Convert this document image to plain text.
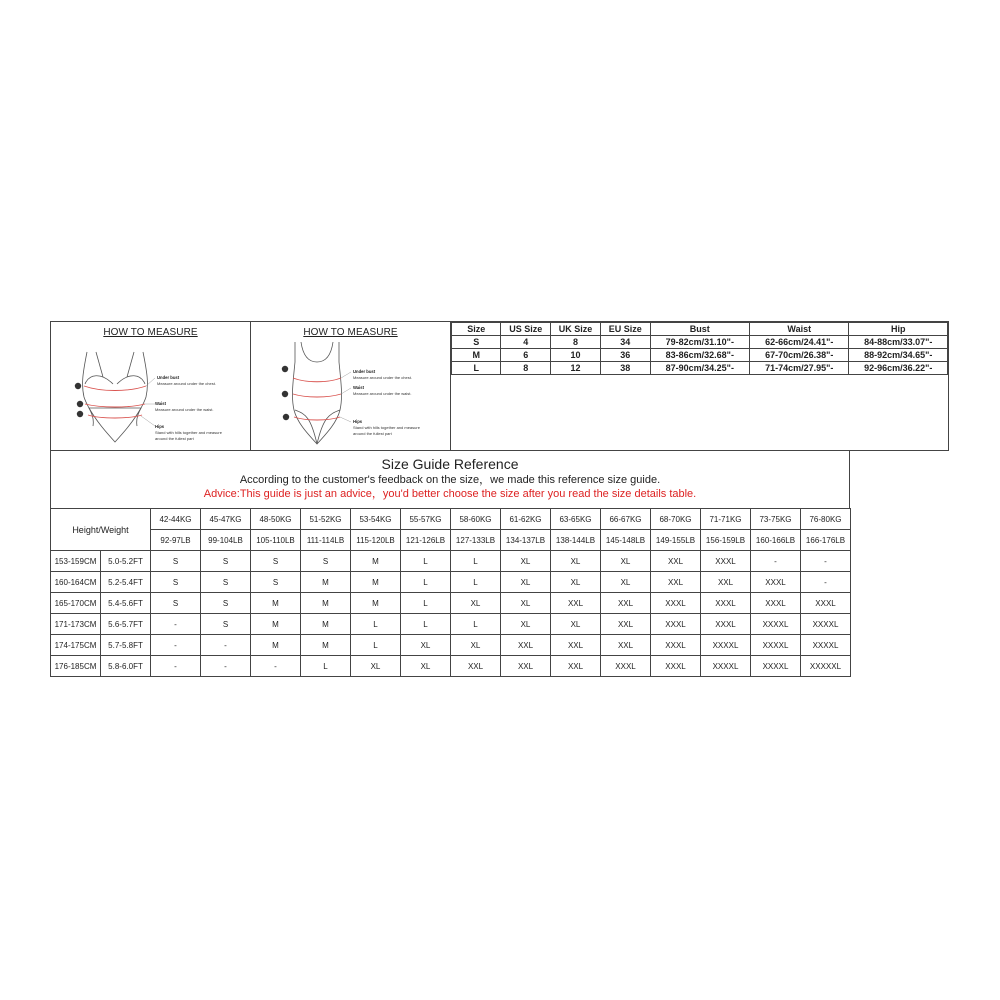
HOW TO MEASURE
Under bust
Measure around under the chest.
Waist
Measure around under the waist.
Hips
Stand with hills together and measure
around the fullest part
HOW TO MEASURE
Under bust
Measure around under the chest.
Waist
Measure around under the waist.
Hips
Stand with hills together and measure
around the fullest part
Size	US Size	UK Size	EU Size	Bust	Waist	Hip
S	4	8	34	79-82cm/31.10"-	62-66cm/24.41"-	84-88cm/33.07"-
M	6	10	36	83-86cm/32.68"-	67-70cm/26.38"-	88-92cm/34.65"-
L	8	12	38	87-90cm/34.25"-	71-74cm/27.95"-	92-96cm/36.22"-
Size Guide Reference
According to the customer's feedback on the size，we made this reference size guide.
Advice:This guide is just an advice，you'd better choose the size after you read the size details table.
Height/Weight		42-44KG	45-47KG	48-50KG	51-52KG	53-54KG	55-57KG	58-60KG	61-62KG	63-65KG	66-67KG	68-70KG	71-71KG	73-75KG	76-80KG
		92-97LB	99-104LB	105-110LB	111-114LB	115-120LB	121-126LB	127-133LB	134-137LB	138-144LB	145-148LB	149-155LB	156-159LB	160-166LB	166-176LB
153-159CM	5.0-5.2FT	S	S	S	S	M	L	L	XL	XL	XL	XXL	XXXL	-	-
160-164CM	5.2-5.4FT	S	S	S	M	M	L	L	XL	XL	XL	XXL	XXL	XXXL	-
165-170CM	5.4-5.6FT	S	S	M	M	M	L	XL	XL	XXL	XXL	XXXL	XXXL	XXXL	XXXL
171-173CM	5.6-5.7FT	-	S	M	M	L	L	L	XL	XL	XXL	XXXL	XXXL	XXXXL	XXXXL
174-175CM	5.7-5.8FT	-	-	M	M	L	XL	XL	XXL	XXL	XXL	XXXL	XXXXL	XXXXL	XXXXL
176-185CM	5.8-6.0FT	-	-	-	L	XL	XL	XXL	XXL	XXL	XXXL	XXXL	XXXXL	XXXXL	XXXXXL
